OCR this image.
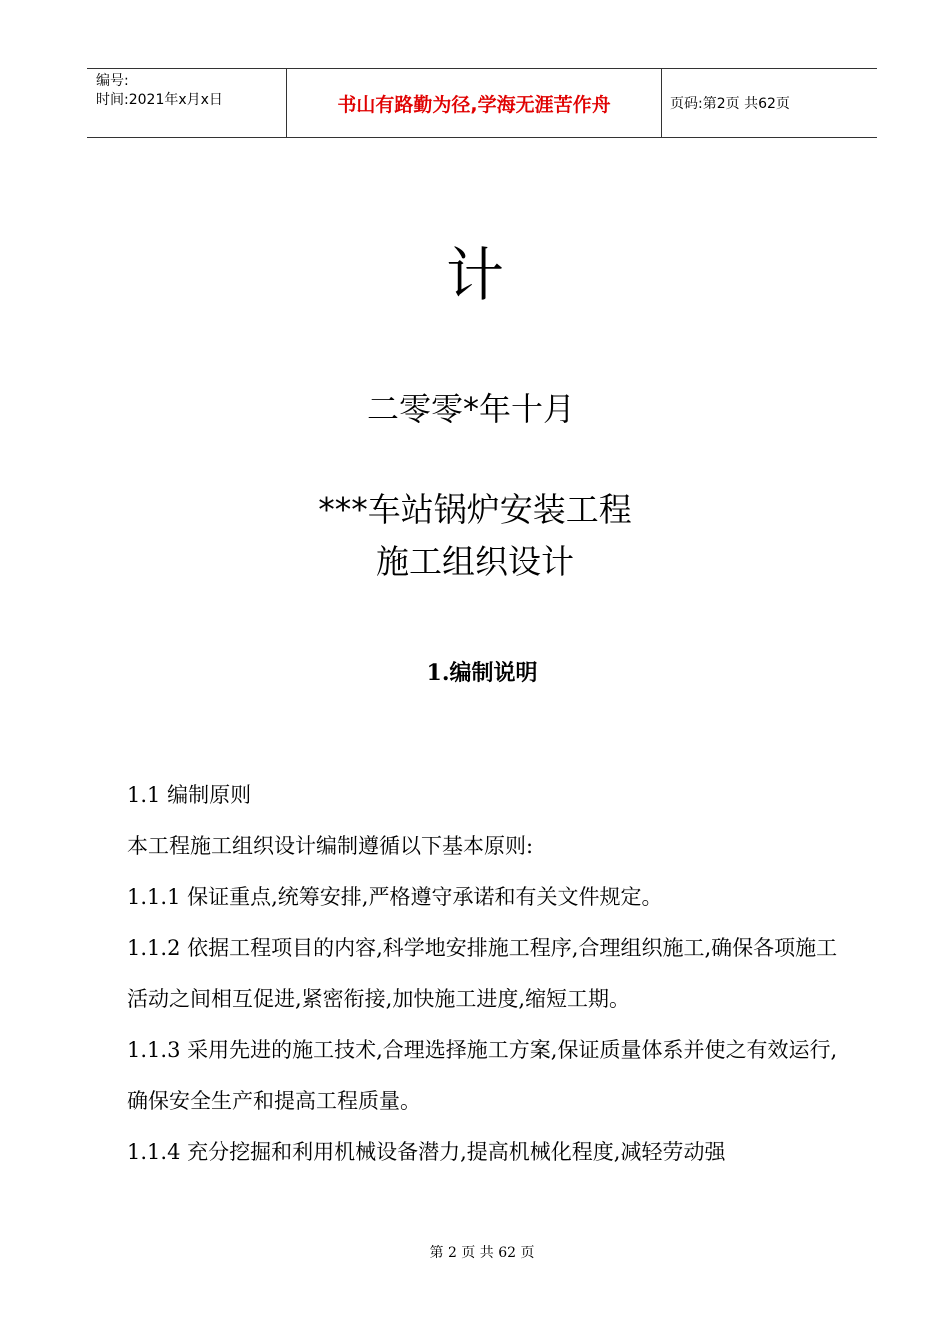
编号:
时间:2021年x月x日	书山有路勤为径,学海无涯苦作舟	页码:第2页 共62页
计
二零零*年十月
***车站锅炉安装工程
施工组织设计
1.编制说明

1.1 编制原则

本工程施工组织设计编制遵循以下基本原则:

1.1.1 保证重点,统筹安排,严格遵守承诺和有关文件规定。

1.1.2 依据工程项目的内容,科学地安排施工程序,合理组织施工,确保各项施工活动之间相互促进,紧密衔接,加快施工进度,缩短工期。

1.1.3 采用先进的施工技术,合理选择施工方案,保证质量体系并使之有效运行,确保安全生产和提高工程质量。

1.1.4 充分挖掘和利用机械设备潜力,提高机械化程度,减轻劳动强

第 2 页 共 62 页
